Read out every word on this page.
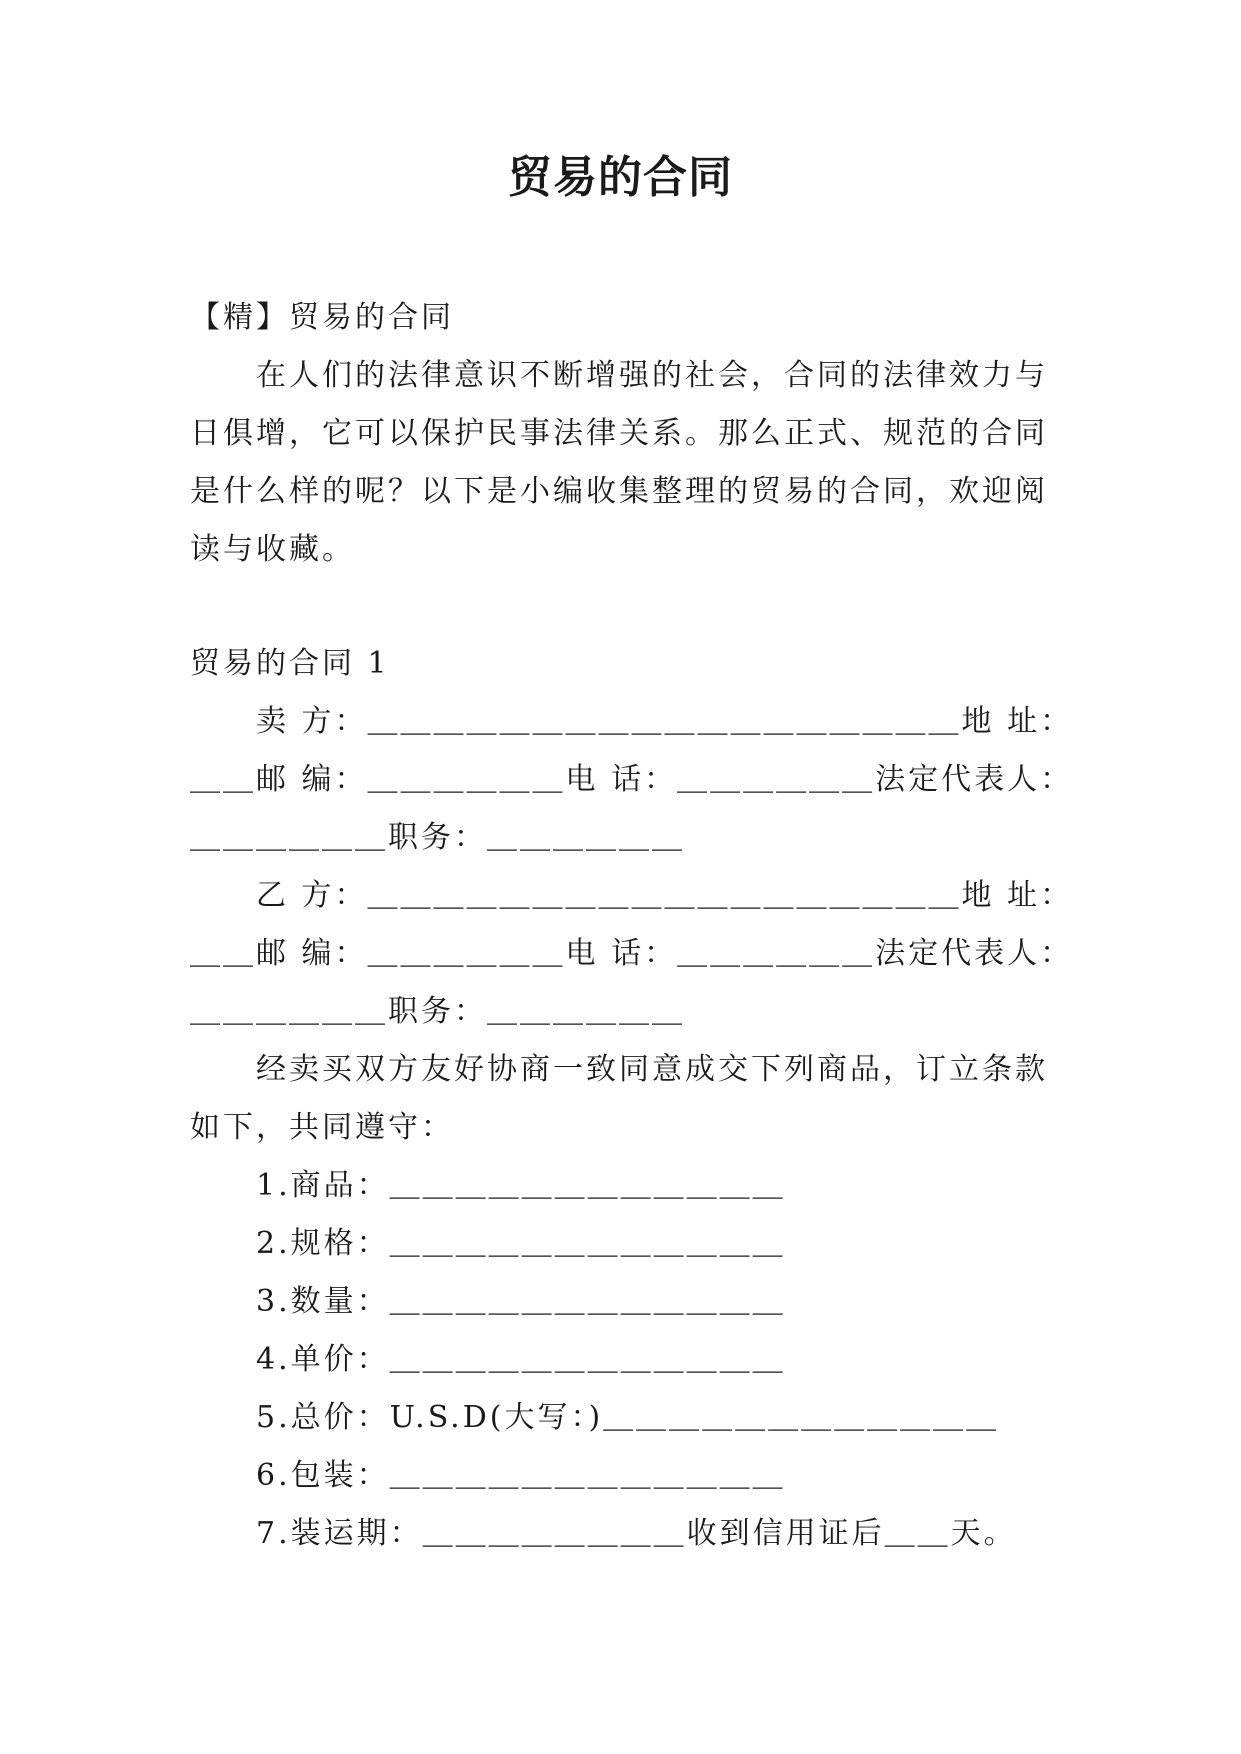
贸易的合同

【精】贸易的合同

在人们的法律意识不断增强的社会，合同的法律效力与

日俱增，它可以保护民事法律关系。那么正式、规范的合同

是什么样的呢？以下是小编收集整理的贸易的合同，欢迎阅

读与收藏。

贸易的合同 1

卖 方：＿＿＿＿＿＿＿＿＿＿＿＿＿＿＿＿＿＿地 址：

＿＿邮 编：＿＿＿＿＿＿电 话：＿＿＿＿＿＿法定代表人：

＿＿＿＿＿＿职务：＿＿＿＿＿＿

乙 方：＿＿＿＿＿＿＿＿＿＿＿＿＿＿＿＿＿＿地 址：

＿＿邮 编：＿＿＿＿＿＿电 话：＿＿＿＿＿＿法定代表人：

＿＿＿＿＿＿职务：＿＿＿＿＿＿

经卖买双方友好协商一致同意成交下列商品，订立条款

如下，共同遵守：

1.商品：＿＿＿＿＿＿＿＿＿＿＿＿

2.规格：＿＿＿＿＿＿＿＿＿＿＿＿

3.数量：＿＿＿＿＿＿＿＿＿＿＿＿

4.单价：＿＿＿＿＿＿＿＿＿＿＿＿

5.总价：U.S.D(大写：)＿＿＿＿＿＿＿＿＿＿＿＿

6.包装：＿＿＿＿＿＿＿＿＿＿＿＿

7.装运期：＿＿＿＿＿＿＿＿收到信用证后＿＿天。
